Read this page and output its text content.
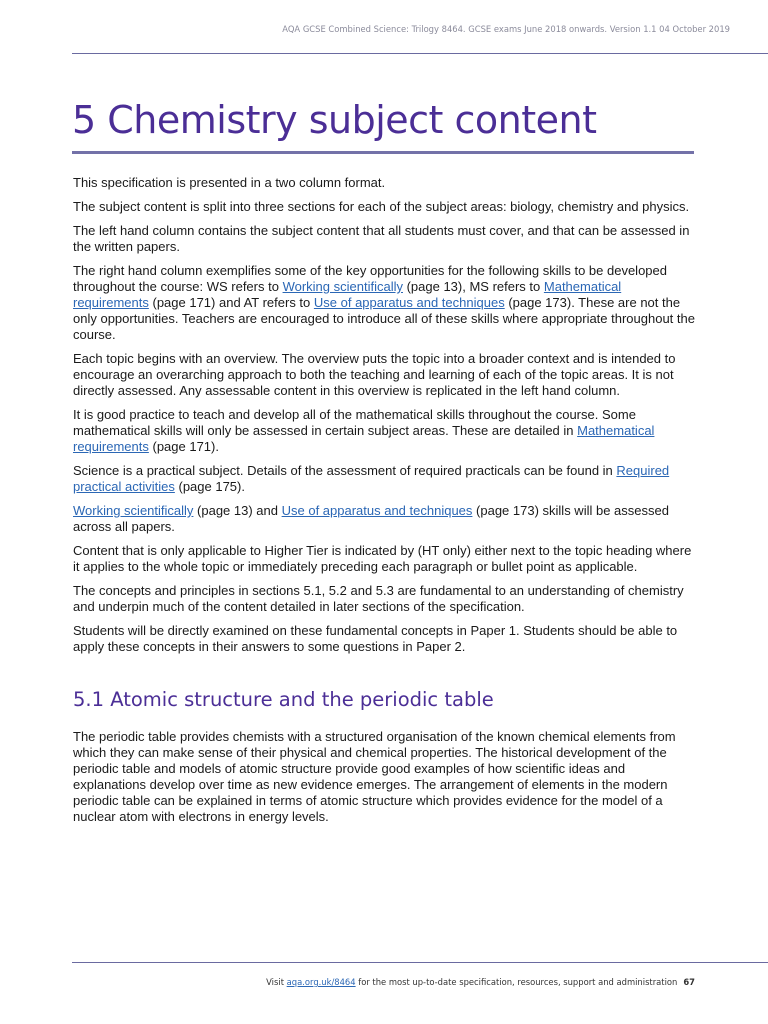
AQA GCSE Combined Science: Trilogy 8464. GCSE exams June 2018 onwards. Version 1.1 04 October 2019
5 Chemistry subject content

This specification is presented in a two column format.

The subject content is split into three sections for each of the subject areas: biology, chemistry and physics.

The left hand column contains the subject content that all students must cover, and that can be assessed in the written papers.

The right hand column exemplifies some of the key opportunities for the following skills to be developed throughout the course: WS refers to Working scientifically (page 13), MS refers to Mathematical requirements (page 171) and AT refers to Use of apparatus and techniques (page 173). These are not the only opportunities. Teachers are encouraged to introduce all of these skills where appropriate throughout the course.

Each topic begins with an overview. The overview puts the topic into a broader context and is intended to encourage an overarching approach to both the teaching and learning of each of the topic areas. It is not directly assessed. Any assessable content in this overview is replicated in the left hand column.

It is good practice to teach and develop all of the mathematical skills throughout the course. Some mathematical skills will only be assessed in certain subject areas. These are detailed in Mathematical requirements (page 171).

Science is a practical subject. Details of the assessment of required practicals can be found in Required practical activities (page 175).

Working scientifically (page 13) and Use of apparatus and techniques (page 173) skills will be assessed across all papers.

Content that is only applicable to Higher Tier is indicated by (HT only) either next to the topic heading where it applies to the whole topic or immediately preceding each paragraph or bullet point as applicable.

The concepts and principles in sections 5.1, 5.2 and 5.3 are fundamental to an understanding of chemistry and underpin much of the content detailed in later sections of the specification.

Students will be directly examined on these fundamental concepts in Paper 1. Students should be able to apply these concepts in their answers to some questions in Paper 2.

5.1 Atomic structure and the periodic table

The periodic table provides chemists with a structured organisation of the known chemical elements from which they can make sense of their physical and chemical properties. The historical development of the periodic table and models of atomic structure provide good examples of how scientific ideas and explanations develop over time as new evidence emerges. The arrangement of elements in the modern periodic table can be explained in terms of atomic structure which provides evidence for the model of a nuclear atom with electrons in energy levels.

Visit aqa.org.uk/8464 for the most up-to-date specification, resources, support and administration 67
